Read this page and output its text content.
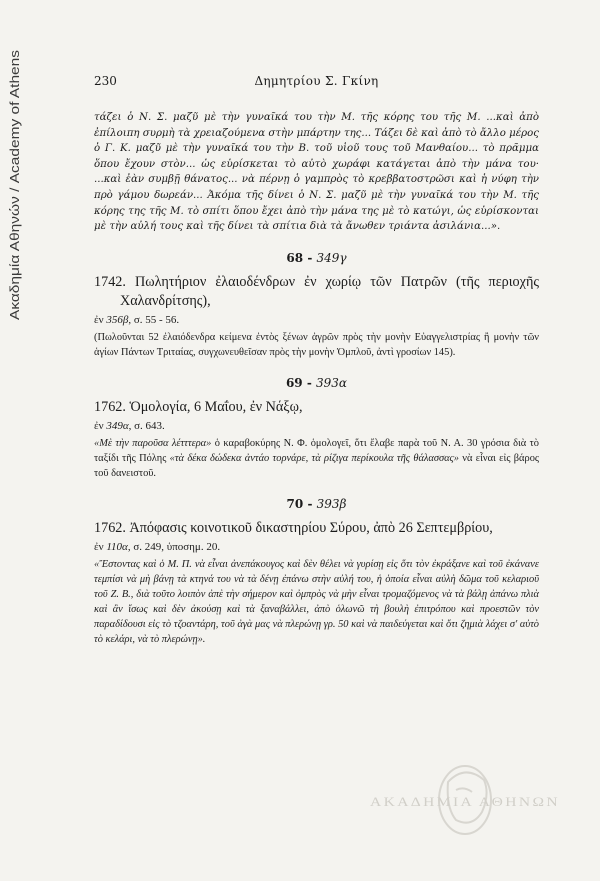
Ακαδημία Αθηνών / Academy of Athens
230	Δημητρίου Σ. Γκίνη

τάζει ὁ Ν. Σ. μαζῦ μὲ τὴν γυναῖκά του τὴν Μ. τῆς κόρης του τῆς Μ. ...καὶ ἀπὸ ἐπίλοιπη συρμὴ τὰ χρειαζούμενα στὴν μπάρτην της... Τάζει δὲ καὶ ἀπὸ τὸ ἄλλο μέρος ὁ Γ. Κ. μαζῦ μὲ τὴν γυναῖκά του τὴν Β. τοῦ υἱοῦ τους τοῦ Μανθαίου... τὸ πρᾶμμα ὅπου ἔχουν στὸν... ὡς εὑρίσκεται τὸ αὐτὸ χωράφι κατάγεται ἀπὸ τὴν μάνα του· ...καὶ ἐὰν συμβῇ θάνατος... νὰ πέρνῃ ὁ γαμπρὸς τὸ κρεββατοστρῶσι καὶ ἡ νύφη τὴν πρὸ γάμου δωρεάν... Ἀκόμα τῆς δίνει ὁ Ν. Σ. μαζῦ μὲ τὴν γυναῖκά του τὴν Μ. τῆς κόρης της τῆς Μ. τὸ σπίτι ὅπου ἔχει ἀπὸ τὴν μάνα της μὲ τὸ κατώγι, ὡς εὑρίσκονται μὲ τὴν αὐλή τους καὶ τῆς δίνει τὰ σπίτια διὰ τὰ ἄνωθεν τριάντα ἀσιλάνια...».

68 - 349γ

1742. Πωλητήριον ἐλαιοδένδρων ἐν χωρίῳ τῶν Πατρῶν (τῆς περιοχῆς Χαλανδρίτσης),

ἐν 356β, σ. 55 - 56.

(Πωλοῦνται 52 ἐλαιόδενδρα κείμενα ἐντὸς ξένων ἀγρῶν πρὸς τὴν μονὴν Εὐαγγελιστρίας ἢ μονὴν τῶν ἁγίων Πάντων Τριταίας, συγχωνευθεῖσαν πρὸς τὴν μονὴν Ὀμπλοῦ, ἀντὶ γροσίων 145).

69 - 393α

1762. Ὁμολογία, 6 Μαΐου, ἐν Νάξῳ,

ἐν 349α, σ. 643.

«Μὲ τὴν παροῦσα λέτττερα» ὁ καραβοκύρης Ν. Φ. ὁμολογεῖ, ὅτι ἔλαβε παρὰ τοῦ Ν. Α. 30 γρόσια διὰ τὸ ταξίδι τῆς Πόλης «τὰ δέκα δώδεκα ἀντάο τορνάρε, τὰ ρίζιγα περίκουλα τῆς θάλασσας» νὰ εἶναι εἰς βάρος τοῦ δανειστοῦ.

70 - 393β

1762. Ἀπόφασις κοινοτικοῦ δικαστηρίου Σύρου, ἀπὸ 26 Σεπτεμβρίου,

ἐν 110α, σ. 249, ὑποσημ. 20.

«Ἔστοντας καὶ ὁ Μ. Π. νὰ εἶναι ἀνεπάκουγος καὶ δὲν θέλει νὰ γυρίσῃ εἰς ὅτι τὸν ἐκράξανε καὶ τοῦ ἐκάνανε τεμπίσι νὰ μὴ βάνῃ τὰ κτηνά του νὰ τὰ δένῃ ἐπάνω στὴν αὐλή του, ἡ ὁποία εἶναι αὐλὴ δῶμα τοῦ κελαριοῦ τοῦ Ζ. Β., διὰ τοῦτο λοιπὸν ἀπὲ τὴν σήμερον καὶ ὀμπρὸς νὰ μὴν εἶναι τρομαζόμενος νὰ τὰ βάλῃ ἀπάνω πλιὰ καὶ ἂν ἴσως καὶ δὲν ἀκούσῃ καὶ τὰ ξαναβάλλει, ἀπὸ ὁλωνῶ τὴ βουλὴ ἐπιτρόπου καὶ προεστῶν τὸν παραδίδουσι εἰς τὸ τζοαντάρη, τοῦ ἀγὰ μας νὰ πλερώνῃ γρ. 50 καὶ νὰ παιδεύγεται καὶ ὅτι ζημιὰ λάχει σ' αὐτὸ τὸ κελάρι, νὰ τὸ πλερώνῃ».

ΑΚΑΔΗΜΙΑ ΑΘΗΝΩΝ
